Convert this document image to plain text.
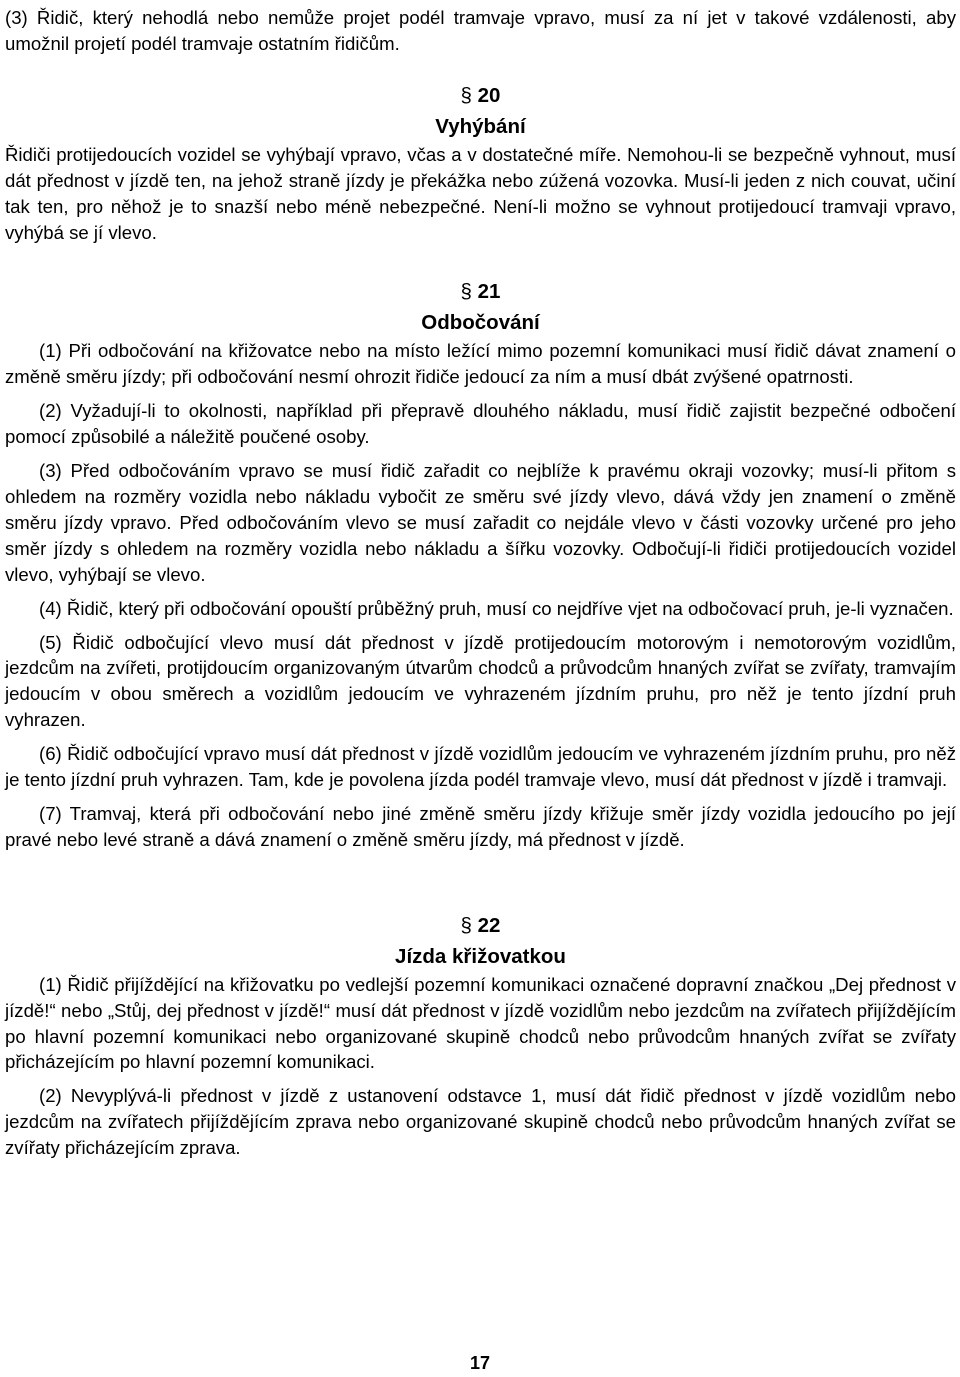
(3) Řidič, který nehodlá nebo nemůže projet podél tramvaje vpravo, musí za ní jet v takové vzdálenosti, aby umožnil projetí podél tramvaje ostatním řidičům.

§ 20
Vyhýbání

Řidiči protijedoucích vozidel se vyhýbají vpravo, včas a v dostatečné míře. Nemohou-li se bezpečně vyhnout, musí dát přednost v jízdě ten, na jehož straně jízdy je překážka nebo zúžená vozovka. Musí-li jeden z nich couvat, učiní tak ten, pro něhož je to snazší nebo méně nebezpečné. Není-li možno se vyhnout protijedoucí tramvaji vpravo, vyhýbá se jí vlevo.

§ 21
Odbočování

(1) Při odbočování na křižovatce nebo na místo ležící mimo pozemní komunikaci musí řidič dávat znamení o změně směru jízdy; při odbočování nesmí ohrozit řidiče jedoucí za ním a musí dbát zvýšené opatrnosti.

(2) Vyžadují-li to okolnosti, například při přepravě dlouhého nákladu, musí řidič zajistit bezpečné odbočení pomocí způsobilé a náležitě poučené osoby.

(3) Před odbočováním vpravo se musí řidič zařadit co nejblíže k pravému okraji vozovky; musí-li přitom s ohledem na rozměry vozidla nebo nákladu vybočit ze směru své jízdy vlevo, dává vždy jen znamení o změně směru jízdy vpravo. Před odbočováním vlevo se musí zařadit co nejdále vlevo v části vozovky určené pro jeho směr jízdy s ohledem na rozměry vozidla nebo nákladu a šířku vozovky. Odbočují-li řidiči protijedoucích vozidel vlevo, vyhýbají se vlevo.

(4) Řidič, který při odbočování opouští průběžný pruh, musí co nejdříve vjet na odbočovací pruh, je-li vyznačen.

(5) Řidič odbočující vlevo musí dát přednost v jízdě protijedoucím motorovým i nemotorovým vozidlům, jezdcům na zvířeti, protijdoucím organizovaným útvarům chodců a průvodcům hnaných zvířat se zvířaty, tramvajím jedoucím v obou směrech a vozidlům jedoucím ve vyhrazeném jízdním pruhu, pro něž je tento jízdní pruh vyhrazen.

(6) Řidič odbočující vpravo musí dát přednost v jízdě vozidlům jedoucím ve vyhrazeném jízdním pruhu, pro něž je tento jízdní pruh vyhrazen. Tam, kde je povolena jízda podél tramvaje vlevo, musí dát přednost v jízdě i tramvaji.

(7) Tramvaj, která při odbočování nebo jiné změně směru jízdy křižuje směr jízdy vozidla jedoucího po její pravé nebo levé straně a dává znamení o změně směru jízdy, má přednost v jízdě.

§ 22
Jízda křižovatkou

(1) Řidič přijíždějící na křižovatku po vedlejší pozemní komunikaci označené dopravní značkou „Dej přednost v jízdě!“ nebo „Stůj, dej přednost v jízdě!“ musí dát přednost v jízdě vozidlům nebo jezdcům na zvířatech přijíždějícím po hlavní pozemní komunikaci nebo organizované skupině chodců nebo průvodcům hnaných zvířat se zvířaty přicházejícím po hlavní pozemní komunikaci.

(2) Nevyplývá-li přednost v jízdě z ustanovení odstavce 1, musí dát řidič přednost v jízdě vozidlům nebo jezdcům na zvířatech přijíždějícím zprava nebo organizované skupině chodců nebo průvodcům hnaných zvířat se zvířaty přicházejícím zprava.

17
